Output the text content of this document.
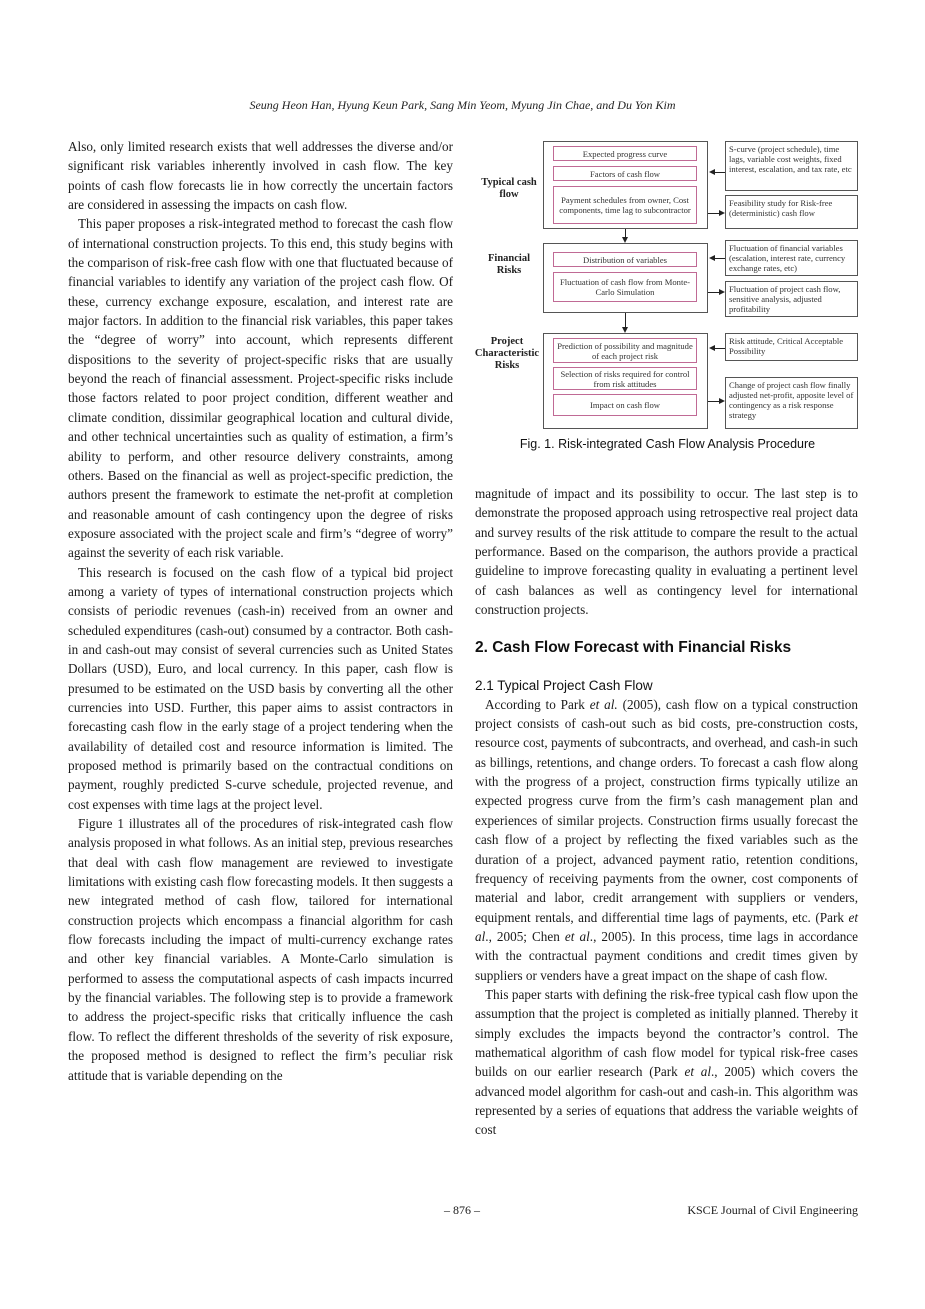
Seung Heon Han, Hyung Keun Park, Sang Min Yeom, Myung Jin Chae, and Du Yon Kim

Also, only limited research exists that well addresses the diverse and/or significant risk variables inherently involved in cash flow. The key points of cash flow forecasts lie in how correctly the uncertain factors are considered in assessing the impacts on cash flow.

This paper proposes a risk-integrated method to forecast the cash flow of international construction projects. To this end, this study begins with the comparison of risk-free cash flow with one that fluctuated because of financial variables to identify any variation of the project cash flow. Of these, currency exchange exposure, escalation, and interest rate are major factors. In addition to the financial risk variables, this paper takes the “degree of worry” into account, which represents different dispositions to the severity of project-specific risks that are usually beyond the reach of financial assessment. Project-specific risks include those factors related to poor project condition, different weather and climate condition, dissimilar geographical location and cultural divide, and other technical uncertainties such as quality of estimation, a firm’s ability to perform, and other resource delivery constraints, among others. Based on the financial as well as project-specific prediction, the authors present the framework to estimate the net-profit at completion and reasonable amount of cash contingency upon the degree of risks exposure associated with the project scale and firm’s “degree of worry” against the severity of each risk variable.

This research is focused on the cash flow of a typical bid project among a variety of types of international construction projects which consists of periodic revenues (cash-in) received from an owner and scheduled expenditures (cash-out) consumed by a contractor. Both cash-in and cash-out may consist of several currencies such as United States Dollars (USD), Euro, and local currency. In this paper, cash flow is presumed to be estimated on the USD basis by converting all the other currencies into USD. Further, this paper aims to assist contractors in forecasting cash flow in the early stage of a project tendering when the availability of detailed cost and resource information is limited. The proposed method is primarily based on the contractual conditions on payment, roughly predicted S-curve schedule, projected revenue, and cost expenses with time lags at the project level.

Figure 1 illustrates all of the procedures of risk-integrated cash flow analysis proposed in what follows. As an initial step, previous researches that deal with cash flow management are reviewed to investigate limitations with existing cash flow forecasting models. It then suggests a new integrated method of cash flow, tailored for international construction projects which encompass a financial algorithm for cash flow forecasts including the impact of multi-currency exchange rates and other key financial variables. A Monte-Carlo simulation is performed to assess the computational aspects of cash impacts incurred by the financial variables. The following step is to provide a framework to address the project-specific risks that critically influence the cash flow. To reflect the different thresholds of the severity of risk exposure, the proposed method is designed to reflect the firm’s peculiar risk attitude that is variable depending on the

Typical cash
flow
Expected progress curve
Factors of cash flow
Payment schedules from owner, Cost components, time lag to subcontractor
S-curve (project schedule), time lags, variable cost weights, fixed interest, escalation, and tax rate, etc
Feasibility study for Risk-free (deterministic) cash flow
Financial
Risks
Distribution of variables
Fluctuation of cash flow from Monte-Carlo Simulation
Fluctuation of financial variables (escalation, interest rate, currency exchange rates, etc)
Fluctuation of project cash flow, sensitive analysis, adjusted profitability
Project
Characteristic
Risks
Prediction of possibility and magnitude of each project risk
Selection of risks required for control from risk attitudes
Impact on cash flow
Risk attitude, Critical Acceptable Possibility
Change of project cash flow finally adjusted net-profit, apposite level of contingency as a risk response strategy
Fig. 1. Risk-integrated Cash Flow Analysis Procedure

magnitude of impact and its possibility to occur. The last step is to demonstrate the proposed approach using retrospective real project data and survey results of the risk attitude to compare the result to the actual performance. Based on the comparison, the authors provide a practical guideline to improve forecasting quality in evaluating a pertinent level of cash balances as well as contingency level for international construction projects.

2. Cash Flow Forecast with Financial Risks
2.1 Typical Project Cash Flow

According to Park et al. (2005), cash flow on a typical construction project consists of cash-out such as bid costs, pre-construction costs, resource cost, payments of subcontracts, and overhead, and cash-in such as billings, retentions, and change orders. To forecast a cash flow along with the progress of a project, construction firms typically utilize an expected progress curve from the firm’s cash management plan and experiences of similar projects. Construction firms usually forecast the cash flow of a project by reflecting the fixed variables such as the duration of a project, advanced payment ratio, retention conditions, frequency of receiving payments from the owner, cost components of material and labor, credit arrangement with suppliers or venders, equipment rentals, and differential time lags of payments, etc. (Park et al., 2005; Chen et al., 2005). In this process, time lags in accordance with the contractual payment conditions and credit times given by suppliers or venders have a great impact on the shape of cash flow.

This paper starts with defining the risk-free typical cash flow upon the assumption that the project is completed as initially planned. Thereby it simply excludes the impacts beyond the contractor’s control. The mathematical algorithm of cash flow model for typical risk-free cases builds on our earlier research (Park et al., 2005) which covers the advanced model algorithm for cash-out and cash-in. This algorithm was represented by a series of equations that address the variable weights of cost

– 876 –	KSCE Journal of Civil Engineering
